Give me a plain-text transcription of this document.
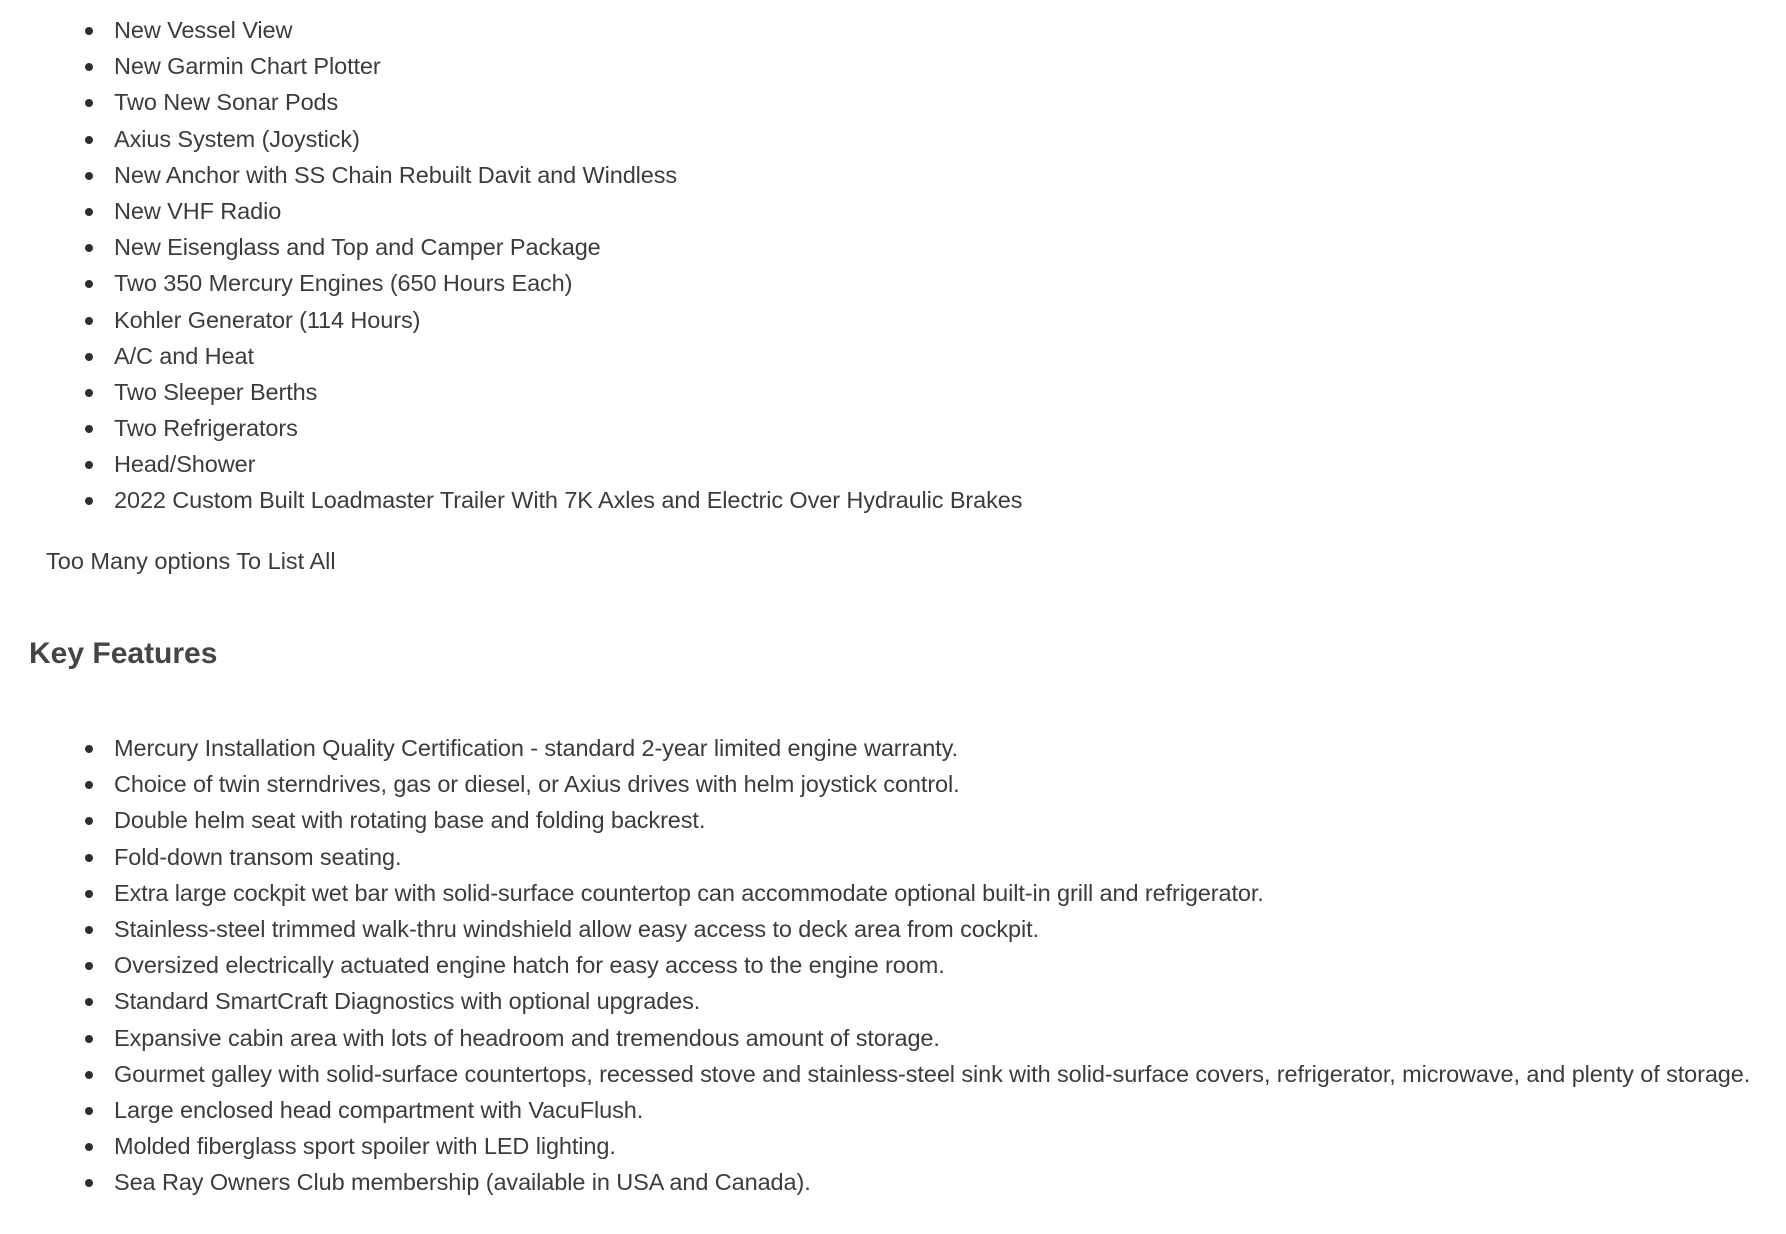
New Vessel View
New Garmin Chart Plotter
Two New Sonar Pods
Axius System (Joystick)
New Anchor with SS Chain Rebuilt Davit and Windless
New VHF Radio
New Eisenglass and Top and Camper Package
Two 350 Mercury Engines (650 Hours Each)
Kohler Generator (114 Hours)
A/C and Heat
Two Sleeper Berths
Two Refrigerators
Head/Shower
2022 Custom Built Loadmaster Trailer With 7K Axles and Electric Over Hydraulic Brakes
Too Many options To List All
Key Features
Mercury Installation Quality Certification - standard 2-year limited engine warranty.
Choice of twin sterndrives, gas or diesel, or Axius drives with helm joystick control.
Double helm seat with rotating base and folding backrest.
Fold-down transom seating.
Extra large cockpit wet bar with solid-surface countertop can accommodate optional built-in grill and refrigerator.
Stainless-steel trimmed walk-thru windshield allow easy access to deck area from cockpit.
Oversized electrically actuated engine hatch for easy access to the engine room.
Standard SmartCraft Diagnostics with optional upgrades.
Expansive cabin area with lots of headroom and tremendous amount of storage.
Gourmet galley with solid-surface countertops, recessed stove and stainless-steel sink with solid-surface covers, refrigerator, microwave, and plenty of storage.
Large enclosed head compartment with VacuFlush.
Molded fiberglass sport spoiler with LED lighting.
Sea Ray Owners Club membership (available in USA and Canada).
